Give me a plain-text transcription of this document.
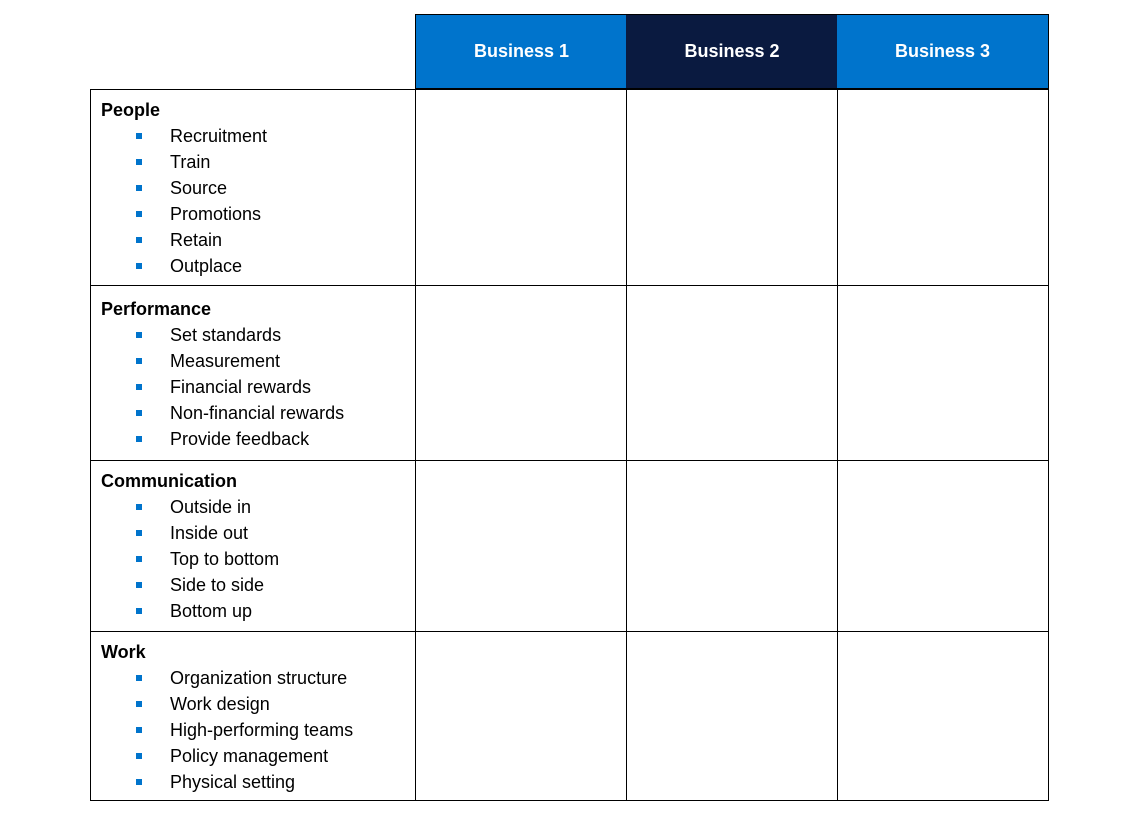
Business 1	Business 2	Business 3
People
Recruitment
Train
Source
Promotions
Retain
Outplace
Performance
Set standards
Measurement
Financial rewards
Non-financial rewards
Provide feedback
Communication
Outside in
Inside out
Top to bottom
Side to side
Bottom up
Work
Organization structure
Work design
High-performing teams
Policy management
Physical setting
